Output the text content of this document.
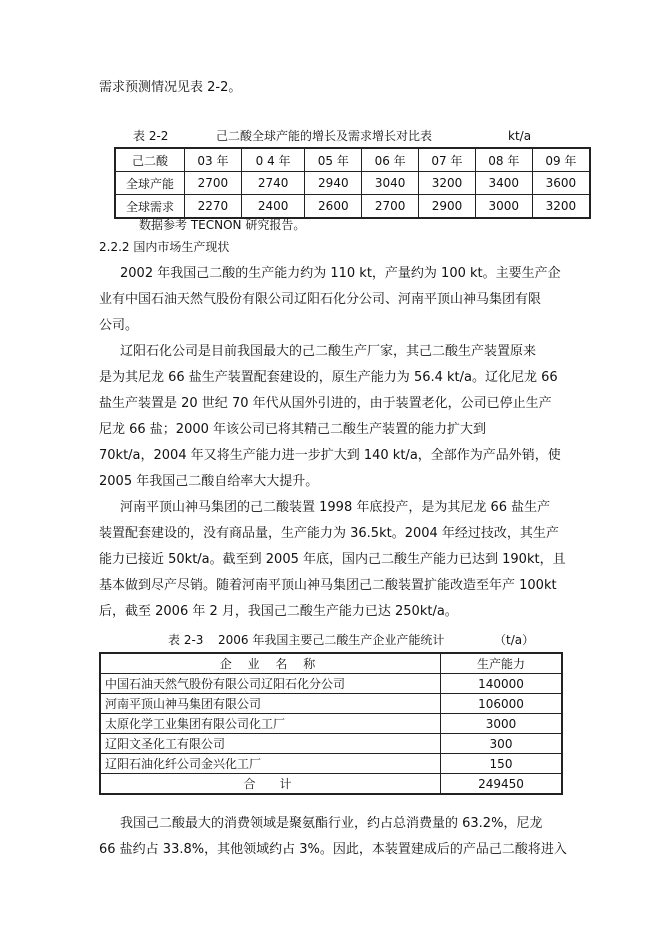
需求预测情况见表 2-2。
表 2-2	己二酸全球产能的增长及需求增长对比表	kt/a
己二酸	03 年	0 4 年	05 年	06 年	07 年	08 年	09 年
全球产能	2700	2740	2940	3040	3200	3400	3600
全球需求	2270	2400	2600	2700	2900	3000	3200
数据参考 TECNON 研究报告。
2.2.2 国内市场生产现状
2002 年我国己二酸的生产能力约为 110 kt，产量约为 100 kt。主要生产企
业有中国石油天然气股份有限公司辽阳石化分公司、河南平顶山神马集团有限
公司。
辽阳石化公司是目前我国最大的己二酸生产厂家，其己二酸生产装置原来
是为其尼龙 66 盐生产装置配套建设的，原生产能力为 56.4 kt/a。辽化尼龙 66
盐生产装置是 20 世纪 70 年代从国外引进的，由于装置老化，公司已停止生产
尼龙 66 盐；2000 年该公司已将其精己二酸生产装置的能力扩大到
70kt/a，2004 年又将生产能力进一步扩大到 140 kt/a，全部作为产品外销，使
2005 年我国己二酸自给率大大提升。
河南平顶山神马集团的己二酸装置 1998 年底投产，是为其尼龙 66 盐生产
装置配套建设的，没有商品量，生产能力为 36.5kt。2004 年经过技改，其生产
能力已接近 50kt/a。截至到 2005 年底，国内己二酸生产能力已达到 190kt，且
基本做到尽产尽销。随着河南平顶山神马集团己二酸装置扩能改造至年产 100kt
后，截至 2006 年 2 月，我国己二酸生产能力已达 250kt/a。
表 2-3 2006 年我国主要己二酸生产企业产能统计	（t/a）
企 业 名 称	生产能力
中国石油天然气股份有限公司辽阳石化分公司	140000
河南平顶山神马集团有限公司	106000
太原化学工业集团有限公司化工厂	3000
辽阳文圣化工有限公司	300
辽阳石油化纤公司金兴化工厂	150
合　计	249450
我国己二酸最大的消费领域是聚氨酯行业，约占总消费量的 63.2%，尼龙
66 盐约占 33.8%，其他领域约占 3%。因此，本装置建成后的产品己二酸将进入
